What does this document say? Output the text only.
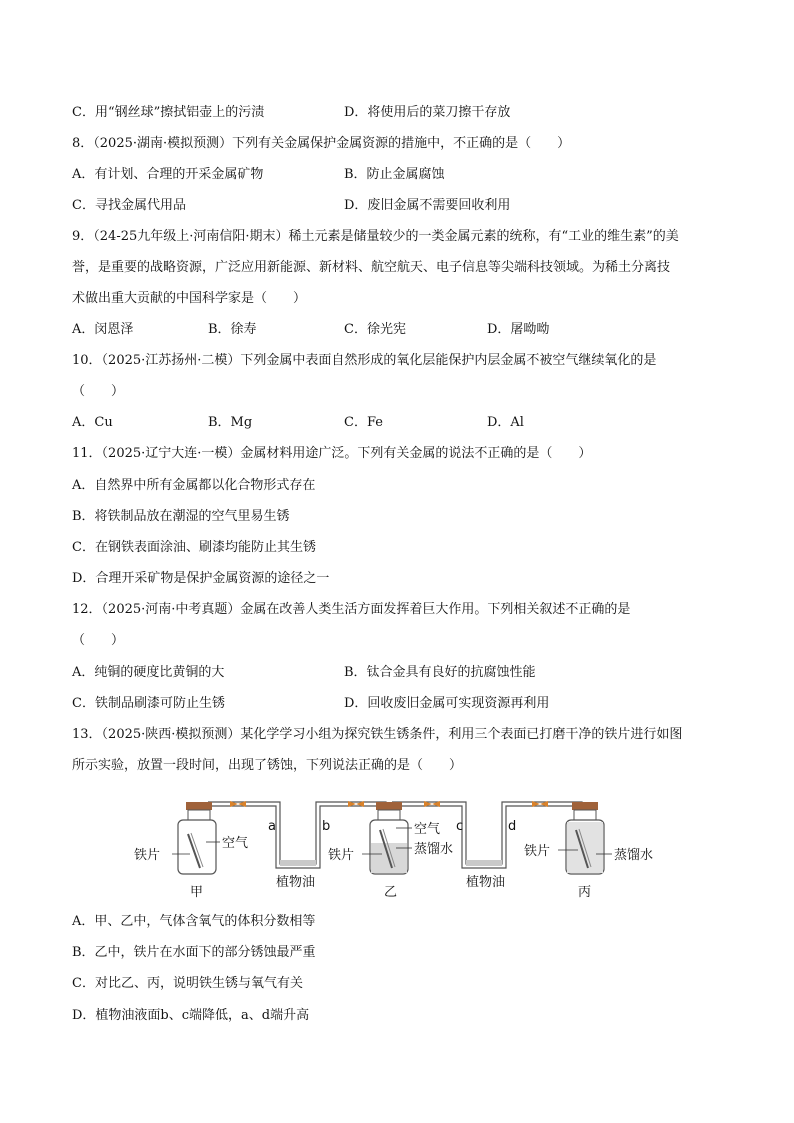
C．用“钢丝球”擦拭铝壶上的污渍	D．将使用后的菜刀擦干存放
8．（2025·湖南·模拟预测）下列有关金属保护金属资源的措施中，不正确的是（　　）
A．有计划、合理的开采金属矿物	B．防止金属腐蚀
C．寻找金属代用品	D．废旧金属不需要回收利用
9．（24-25九年级上·河南信阳·期末）稀土元素是储量较少的一类金属元素的统称，有“工业的维生素”的美
誉，是重要的战略资源，广泛应用新能源、新材料、航空航天、电子信息等尖端科技领域。为稀土分离技
术做出重大贡献的中国科学家是（　　）
A．闵恩泽	B．徐寿	C．徐光宪	D．屠呦呦
10．（2025·江苏扬州·二模）下列金属中表面自然形成的氧化层能保护内层金属不被空气继续氧化的是
（　　）
A．Cu	B．Mg	C．Fe	D．Al
11．（2025·辽宁大连·一模）金属材料用途广泛。下列有关金属的说法不正确的是（　　）
A．自然界中所有金属都以化合物形式存在
B．将铁制品放在潮湿的空气里易生锈
C．在钢铁表面涂油、刷漆均能防止其生锈
D．合理开采矿物是保护金属资源的途径之一
12．（2025·河南·中考真题）金属在改善人类生活方面发挥着巨大作用。下列相关叙述不正确的是
（　　）
A．纯铜的硬度比黄铜的大	B．钛合金具有良好的抗腐蚀性能
C．铁制品刷漆可防止生锈	D．回收废旧金属可实现资源再利用
13．（2025·陕西·模拟预测）某化学学习小组为探究铁生锈条件，利用三个表面已打磨干净的铁片进行如图
所示实验，放置一段时间，出现了锈蚀，下列说法正确的是（　　）
铁片
空气
甲
a	b
植物油
铁片
空气
蒸馏水
乙
c	d
植物油
铁片	蒸馏水
丙
A．甲、乙中，气体含氧气的体积分数相等
B．乙中，铁片在水面下的部分锈蚀最严重
C．对比乙、丙，说明铁生锈与氧气有关
D．植物油液面b、c端降低，a、d端升高
